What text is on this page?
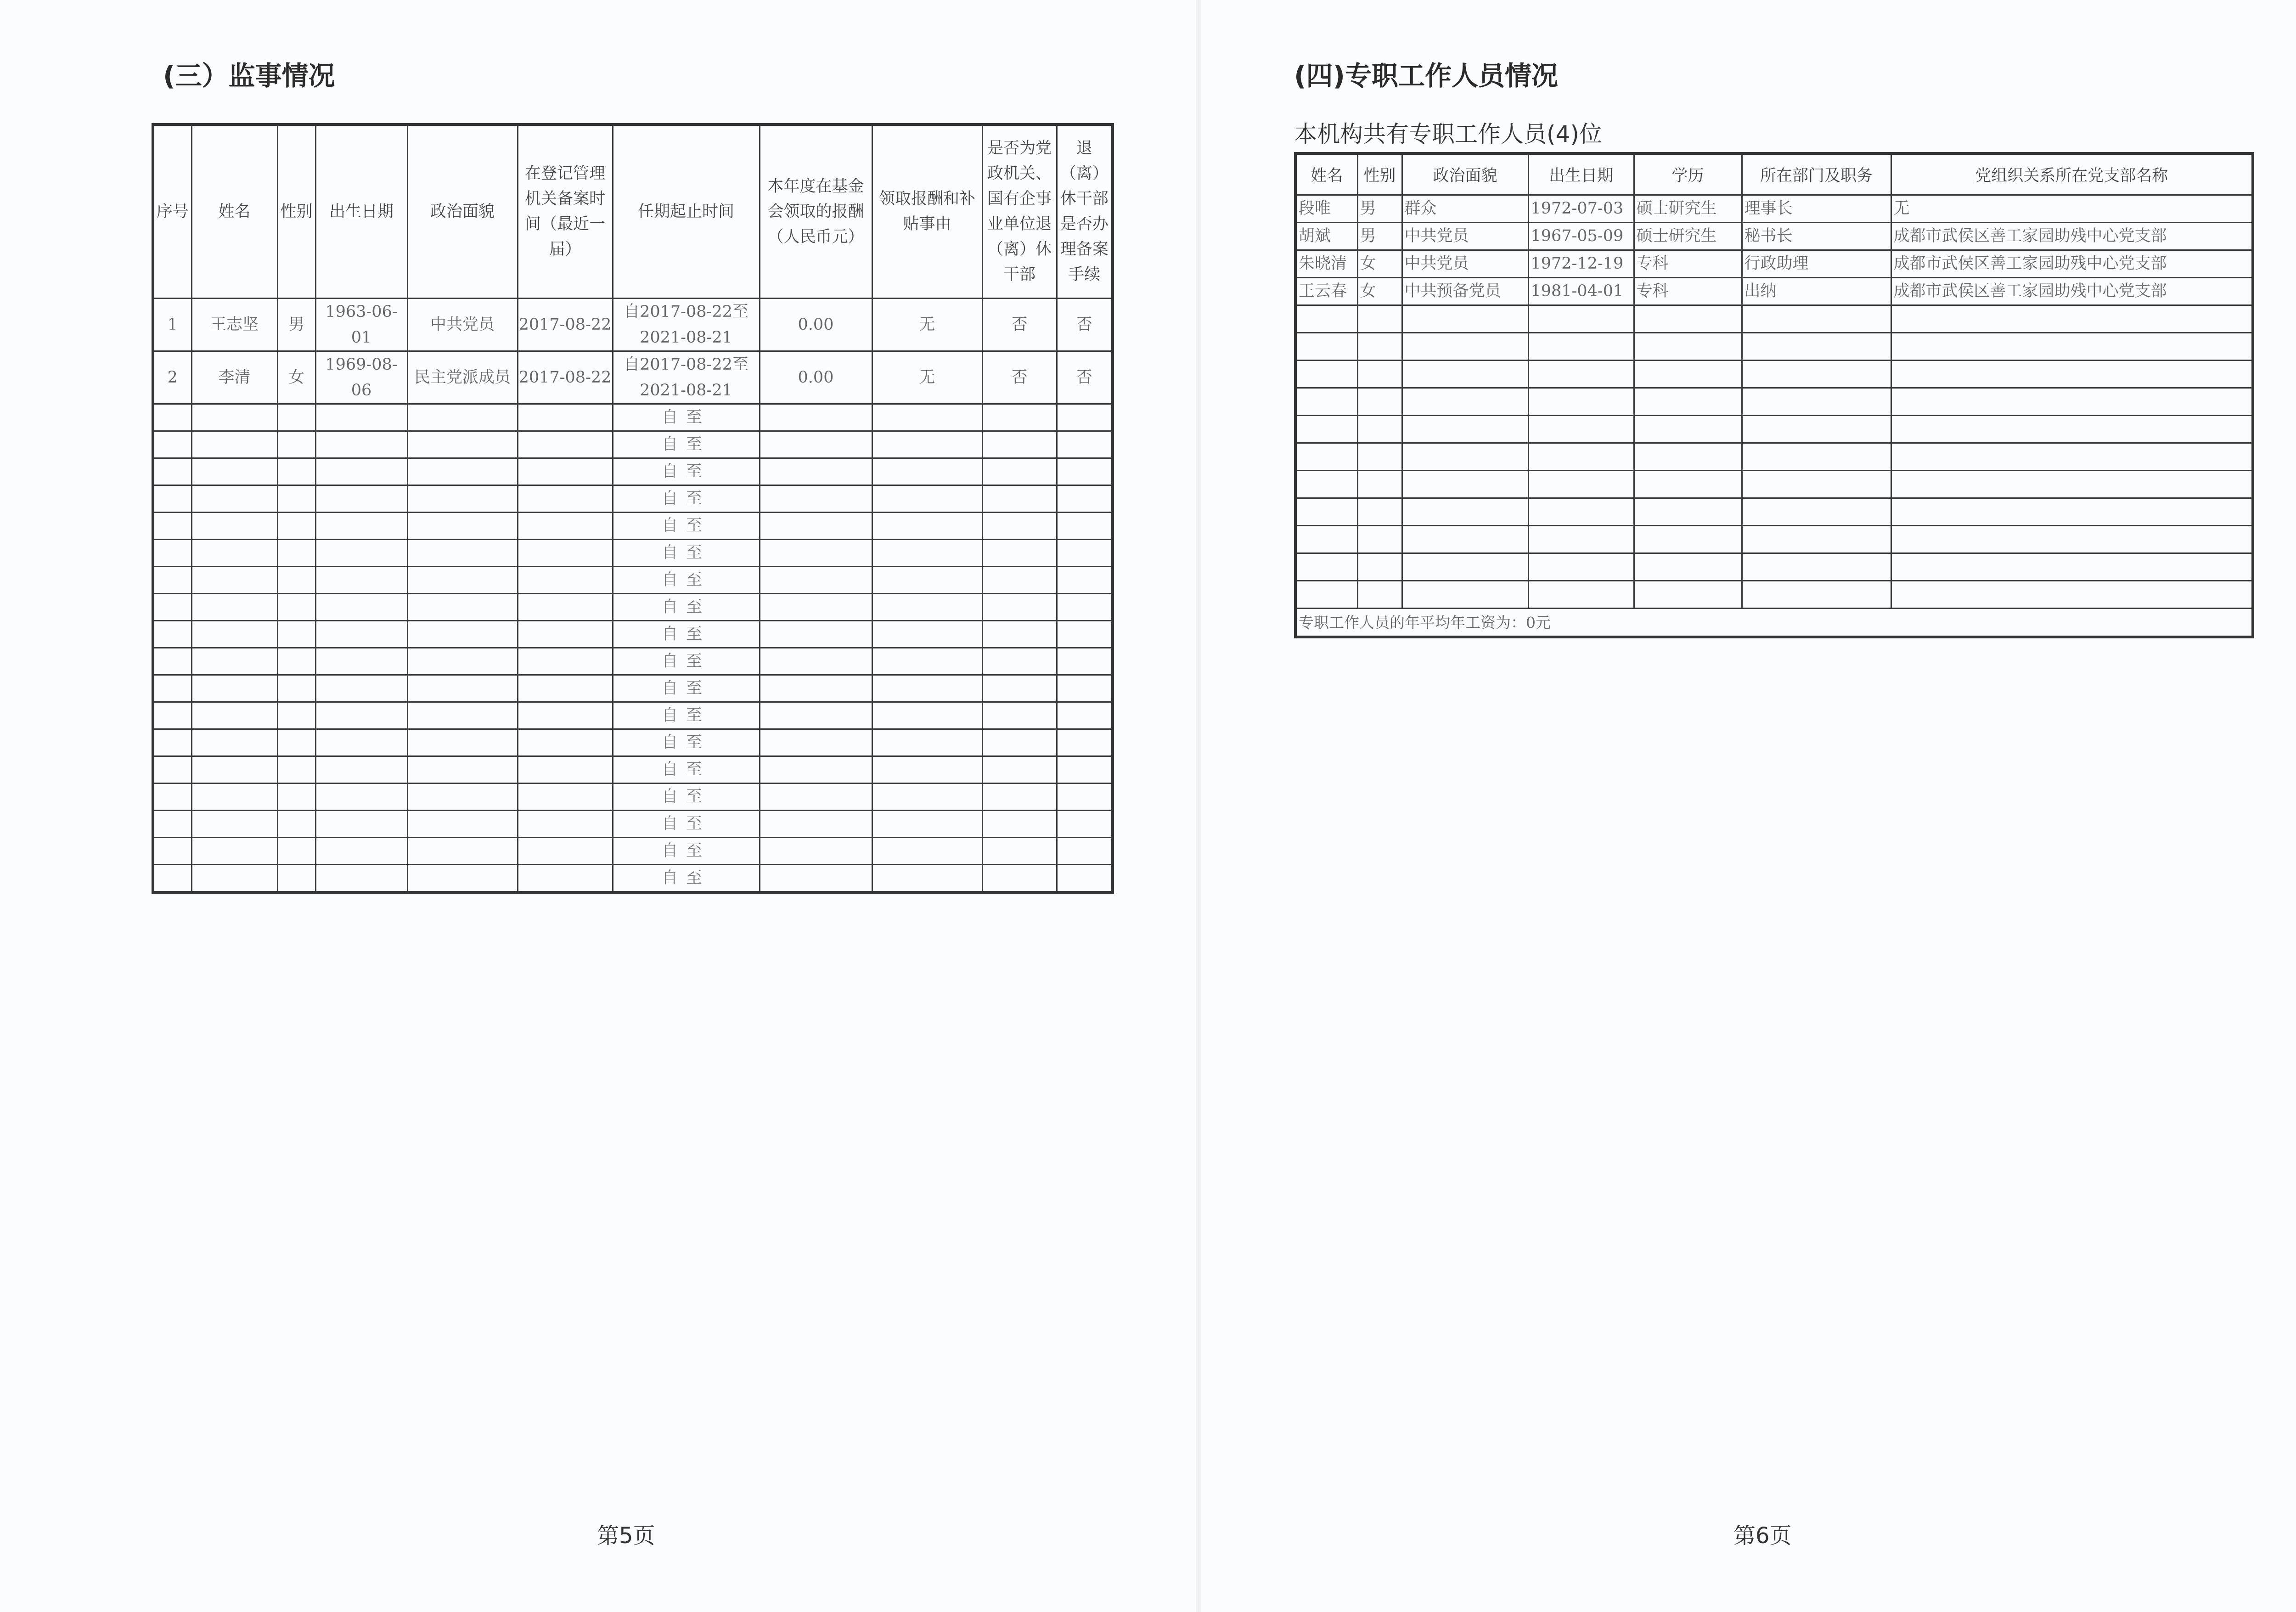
(三）监事情况
序号	姓名	性别	出生日期	政治面貌	在登记管理机关备案时间（最近一届）	任期起止时间	本年度在基金会领取的报酬（人民币元）	领取报酬和补贴事由	是否为党政机关、国有企事业单位退（离）休干部	退（离）休干部是否办理备案手续
1	王志坚	男	1963-06-01	中共党员	2017-08-22	自2017-08-22至2021-08-21	0.00	无	否	否
2	李清	女	1969-08-06	民主党派成员	2017-08-22	自2017-08-22至2021-08-21	0.00	无	否	否
						自至				
						自至				
						自至				
						自至				
						自至				
						自至				
						自至				
						自至				
						自至				
						自至				
						自至				
						自至				
						自至				
						自至				
						自至				
						自至				
						自至				
						自至				
第5页
(四)专职工作人员情况
本机构共有专职工作人员(4)位
第6页
姓名	性别	政治面貌	出生日期	学历	所在部门及职务	党组织关系所在党支部名称
段唯	男	群众	1972-07-03	硕士研究生	理事长	无
胡斌	男	中共党员	1967-05-09	硕士研究生	秘书长	成都市武侯区善工家园助残中心党支部
朱晓清	女	中共党员	1972-12-19	专科	行政助理	成都市武侯区善工家园助残中心党支部
王云春	女	中共预备党员	1981-04-01	专科	出纳	成都市武侯区善工家园助残中心党支部

专职工作人员的年平均年工资为：0元						
